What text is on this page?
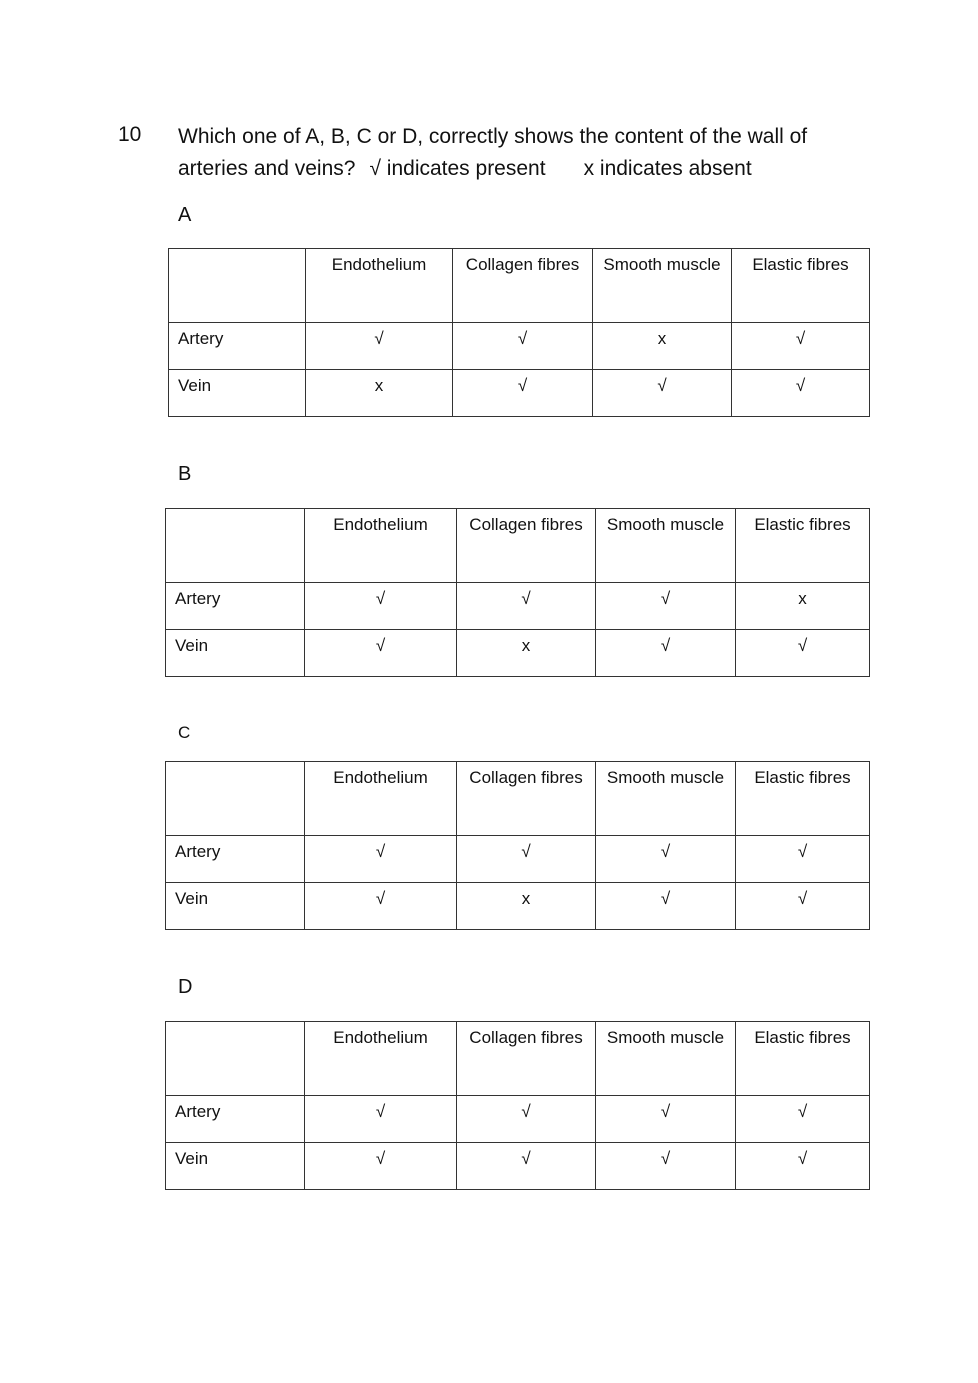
10 Which one of A, B, C or D, correctly shows the content of the wall of
arteries and veins? √ indicates present x indicates absent
A
	Endothelium	Collagen fibres	Smooth muscle	Elastic fibres
Artery	√	√	x	√
Vein	x	√	√	√
B
	Endothelium	Collagen fibres	Smooth muscle	Elastic fibres
Artery	√	√	√	x
Vein	√	x	√	√
C
	Endothelium	Collagen fibres	Smooth muscle	Elastic fibres
Artery	√	√	√	√
Vein	√	x	√	√
D
	Endothelium	Collagen fibres	Smooth muscle	Elastic fibres
Artery	√	√	√	√
Vein	√	√	√	√
